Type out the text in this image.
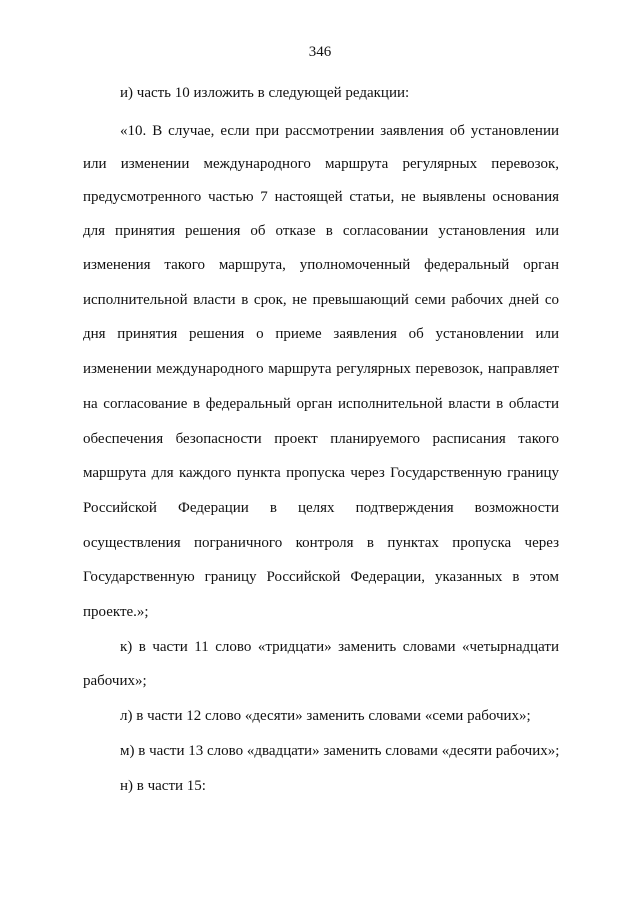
346
и) часть 10 изложить в следующей редакции:
«10. В случае, если при рассмотрении заявления об установлении
или изменении международного маршрута регулярных перевозок,
предусмотренного частью 7 настоящей статьи, не выявлены основания
для принятия решения об отказе в согласовании установления или
изменения такого маршрута, уполномоченный федеральный орган
исполнительной власти в срок, не превышающий семи рабочих дней со
дня принятия решения о приеме заявления об установлении или
изменении международного маршрута регулярных перевозок, направляет
на согласование в федеральный орган исполнительной власти в области
обеспечения безопасности проект планируемого расписания такого
маршрута для каждого пункта пропуска через Государственную границу
Российской Федерации в целях подтверждения возможности
осуществления пограничного контроля в пунктах пропуска через
Государственную границу Российской Федерации, указанных в этом
проекте.»;
к) в части 11 слово «тридцати» заменить словами «четырнадцати
рабочих»;
л) в части 12 слово «десяти» заменить словами «семи рабочих»;
м) в части 13 слово «двадцати» заменить словами «десяти рабочих»;
н) в части 15:
